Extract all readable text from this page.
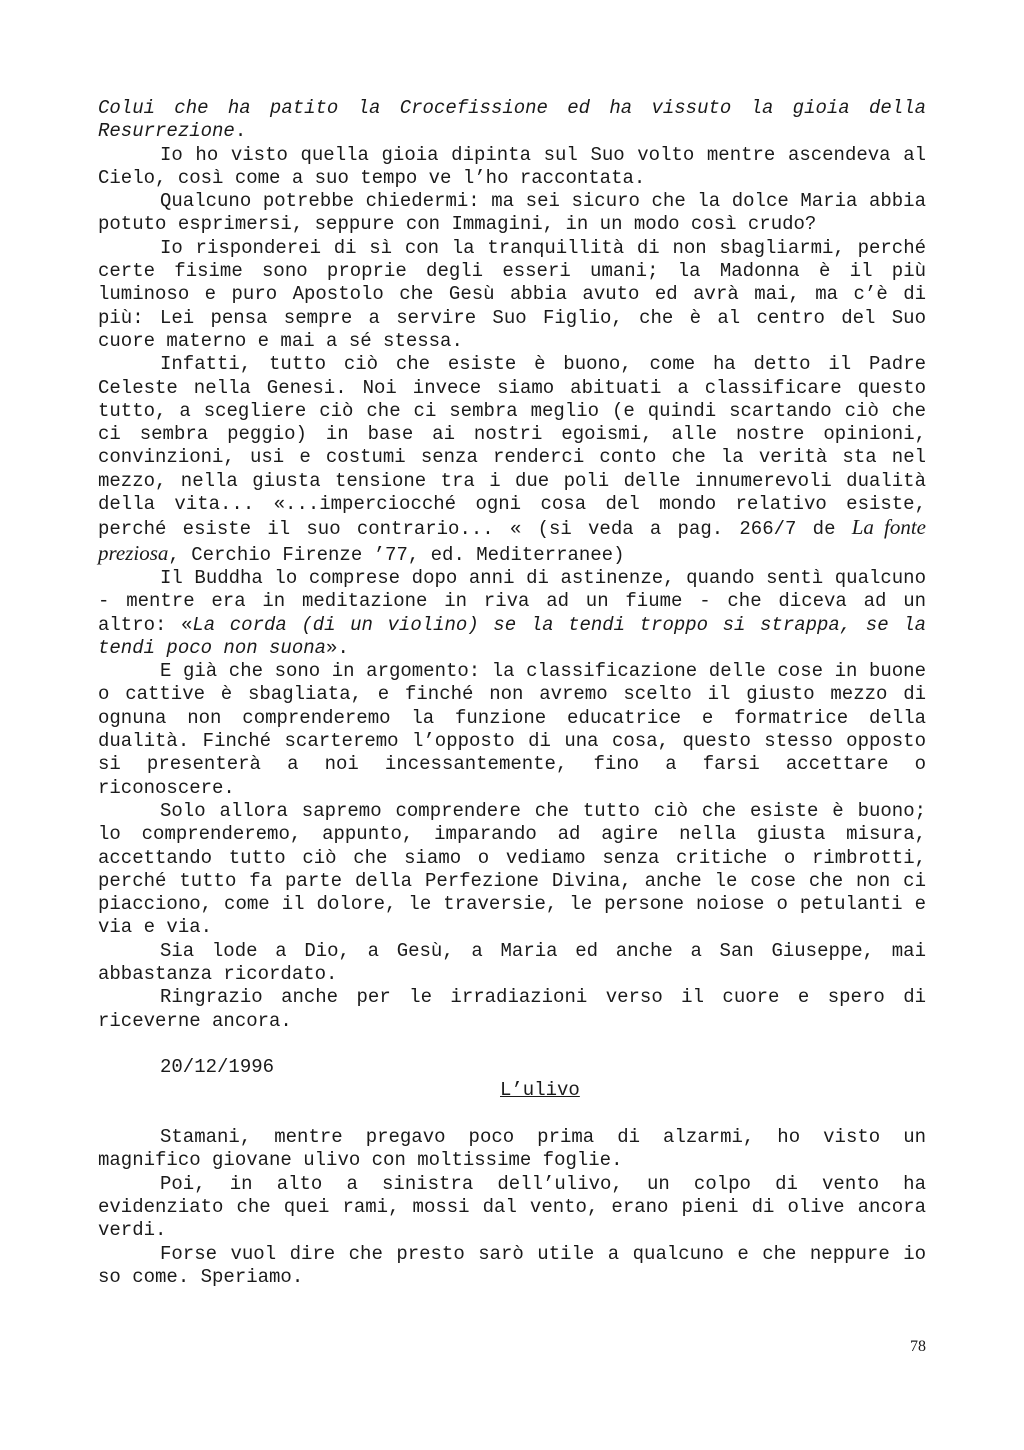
Colui che ha patito la Crocefissione ed ha vissuto la gioia della Resurrezione.

Io ho visto quella gioia dipinta sul Suo volto mentre ascendeva al Cielo, così come a suo tempo ve l’ho raccontata.

Qualcuno potrebbe chiedermi: ma sei sicuro che la dolce Maria abbia potuto esprimersi, seppure con Immagini, in un modo così crudo?

Io risponderei di sì con la tranquillità di non sbagliarmi, perché certe fisime sono proprie degli esseri umani; la Madonna è il più luminoso e puro Apostolo che Gesù abbia avuto ed avrà mai, ma c’è di più: Lei pensa sempre a servire Suo Figlio, che è al centro del Suo cuore materno e mai a sé stessa.

Infatti, tutto ciò che esiste è buono, come ha detto il Padre Celeste nella Genesi. Noi invece siamo abituati a classificare questo tutto, a scegliere ciò che ci sembra meglio (e quindi scartando ciò che ci sembra peggio) in base ai nostri egoismi, alle nostre opinioni, convinzioni, usi e costumi senza renderci conto che la verità sta nel mezzo, nella giusta tensione tra i due poli delle innumerevoli dualità della vita... «...imperciocché ogni cosa del mondo relativo esiste, perché esiste il suo contrario... « (si veda a pag. 266/7 de La fonte preziosa, Cerchio Firenze ’77, ed. Mediterranee)

Il Buddha lo comprese dopo anni di astinenze, quando sentì qualcuno - mentre era in meditazione in riva ad un fiume - che diceva ad un altro: «La corda (di un violino) se la tendi troppo si strappa, se la tendi poco non suona».

E già che sono in argomento: la classificazione delle cose in buone o cattive è sbagliata, e finché non avremo scelto il giusto mezzo di ognuna non comprenderemo la funzione educatrice e formatrice della dualità. Finché scarteremo l’opposto di una cosa, questo stesso opposto si presenterà a noi incessantemente, fino a farsi accettare o riconoscere.

Solo allora sapremo comprendere che tutto ciò che esiste è buono; lo comprenderemo, appunto, imparando ad agire nella giusta misura, accettando tutto ciò che siamo o vediamo senza critiche o rimbrotti, perché tutto fa parte della Perfezione Divina, anche le cose che non ci piacciono, come il dolore, le traversie, le persone noiose o petulanti e via e via.

Sia lode a Dio, a Gesù, a Maria ed anche a San Giuseppe, mai abbastanza ricordato.

Ringrazio anche per le irradiazioni verso il cuore e spero di riceverne ancora.

20/12/1996

L’ulivo

Stamani, mentre pregavo poco prima di alzarmi, ho visto un magnifico giovane ulivo con moltissime foglie.

Poi, in alto a sinistra dell’ulivo, un colpo di vento ha evidenziato che quei rami, mossi dal vento, erano pieni di olive ancora verdi.

Forse vuol dire che presto sarò utile a qualcuno e che neppure io so come. Speriamo.

78
